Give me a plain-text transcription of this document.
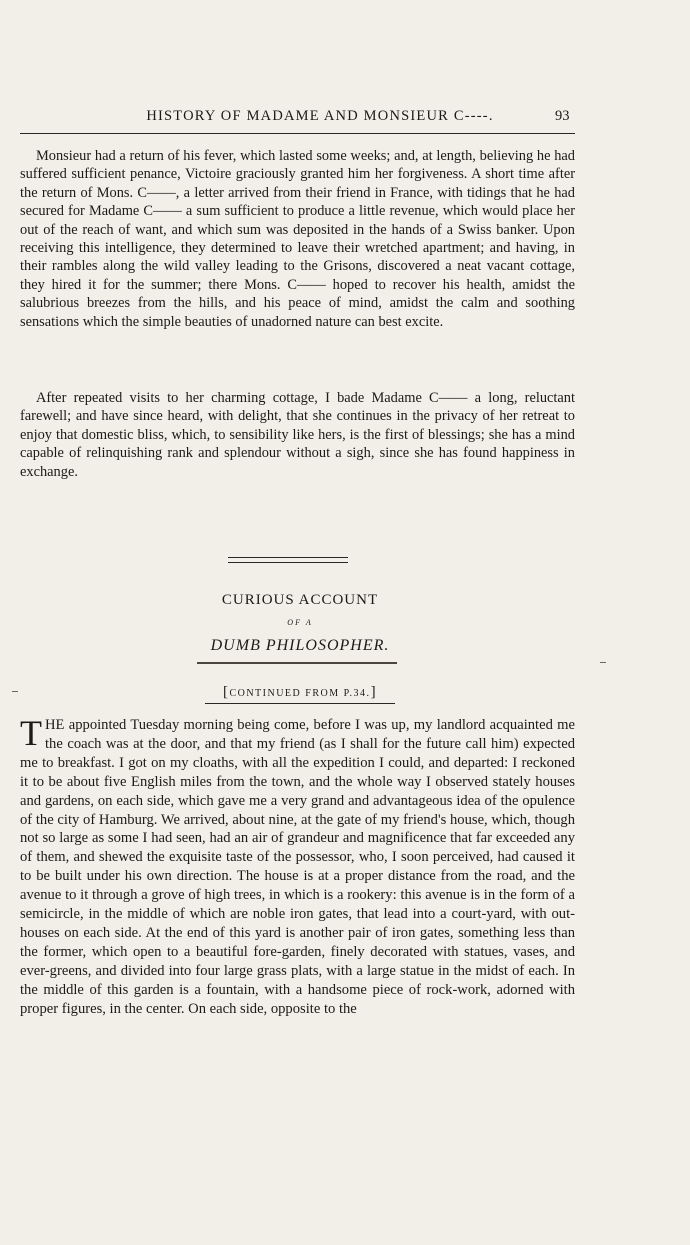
HISTORY OF MADAME AND MONSIEUR C----.	93

Monsieur had a return of his fever, which lasted some weeks; and, at length, believing he had suffered sufficient penance, Victoire graciously granted him her forgiveness. A short time after the return of Mons. C——, a letter arrived from their friend in France, with tidings that he had secured for Madame C—— a sum sufficient to produce a little revenue, which would place her out of the reach of want, and which sum was deposited in the hands of a Swiss banker. Upon receiving this intelligence, they determined to leave their wretched apartment; and having, in their rambles along the wild valley leading to the Grisons, discovered a neat vacant cottage, they hired it for the summer; there Mons. C—— hoped to recover his health, amidst the salubrious breezes from the hills, and his peace of mind, amidst the calm and soothing sensations which the simple beauties of unadorned nature can best excite.

After repeated visits to her charming cottage, I bade Madame C—— a long, reluctant farewell; and have since heard, with delight, that she continues in the privacy of her retreat to enjoy that domestic bliss, which, to sensibility like hers, is the first of blessings; she has a mind capable of relinquishing rank and splendour without a sigh, since she has found happiness in exchange.

CURIOUS ACCOUNT
OF A
DUMB PHILOSOPHER.
[CONTINUED FROM P.34.]

THE appointed Tuesday morning being come, before I was up, my landlord acquainted me the coach was at the door, and that my friend (as I shall for the future call him) expected me to breakfast. I got on my cloaths, with all the expedition I could, and departed: I reckoned it to be about five English miles from the town, and the whole way I observed stately houses and gardens, on each side, which gave me a very grand and advantageous idea of the opulence of the city of Hamburg. We arrived, about nine, at the gate of my friend's house, which, though not so large as some I had seen, had an air of grandeur and magnificence that far exceeded any of them, and shewed the exquisite taste of the possessor, who, I soon perceived, had caused it to be built under his own direction. The house is at a proper distance from the road, and the avenue to it through a grove of high trees, in which is a rookery: this avenue is in the form of a semicircle, in the middle of which are noble iron gates, that lead into a court-yard, with out-houses on each side. At the end of this yard is another pair of iron gates, something less than the former, which open to a beautiful fore-garden, finely decorated with statues, vases, and ever-greens, and divided into four large grass plats, with a large statue in the midst of each. In the middle of this garden is a fountain, with a handsome piece of rock-work, adorned with proper figures, in the center. On each side, opposite to the
